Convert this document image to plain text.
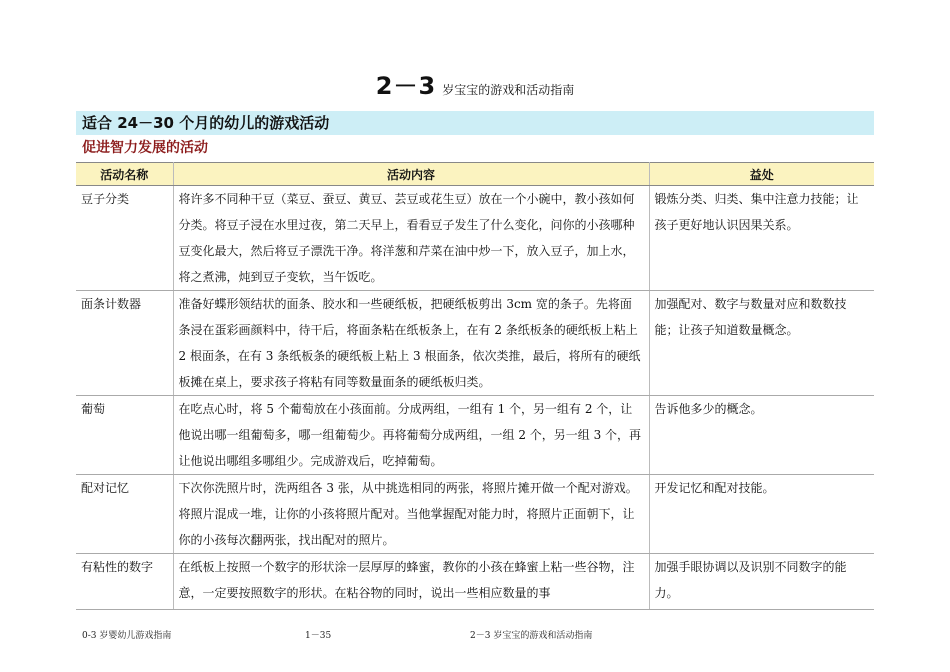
2－3 岁宝宝的游戏和活动指南
适合 24－30 个月的幼儿的游戏活动
促进智力发展的活动
活动名称	活动内容	益处
豆子分类	将许多不同种干豆（菜豆、蚕豆、黄豆、芸豆或花生豆）放在一个小碗中，教小孩如何分类。将豆子浸在水里过夜，第二天早上，看看豆子发生了什么变化，问你的小孩哪种豆变化最大，然后将豆子漂洗干净。将洋葱和芹菜在油中炒一下，放入豆子，加上水，将之煮沸，炖到豆子变软，当午饭吃。	锻炼分类、归类、集中注意力技能；让孩子更好地认识因果关系。
面条计数器	准备好蝶形领结状的面条、胶水和一些硬纸板，把硬纸板剪出 3cm 宽的条子。先将面条浸在蛋彩画颜料中，待干后，将面条粘在纸板条上，在有 2 条纸板条的硬纸板上粘上 2 根面条，在有 3 条纸板条的硬纸板上粘上 3 根面条，依次类推，最后，将所有的硬纸板摊在桌上，要求孩子将粘有同等数量面条的硬纸板归类。	加强配对、数字与数量对应和数数技能；让孩子知道数量概念。
葡萄	在吃点心时，将 5 个葡萄放在小孩面前。分成两组，一组有 1 个，另一组有 2 个，让他说出哪一组葡萄多，哪一组葡萄少。再将葡萄分成两组，一组 2 个，另一组 3 个，再让他说出哪组多哪组少。完成游戏后，吃掉葡萄。	告诉他多少的概念。
配对记忆	下次你洗照片时，洗两组各 3 张，从中挑选相同的两张，将照片摊开做一个配对游戏。将照片混成一堆，让你的小孩将照片配对。当他掌握配对能力时，将照片正面朝下，让你的小孩每次翻两张，找出配对的照片。	开发记忆和配对技能。
有粘性的数字	在纸板上按照一个数字的形状涂一层厚厚的蜂蜜，教你的小孩在蜂蜜上粘一些谷物，注意，一定要按照数字的形状。在粘谷物的同时，说出一些相应数量的事	加强手眼协调以及识别不同数字的能力。
0-3 岁婴幼儿游戏指南	1－35	2－3 岁宝宝的游戏和活动指南
